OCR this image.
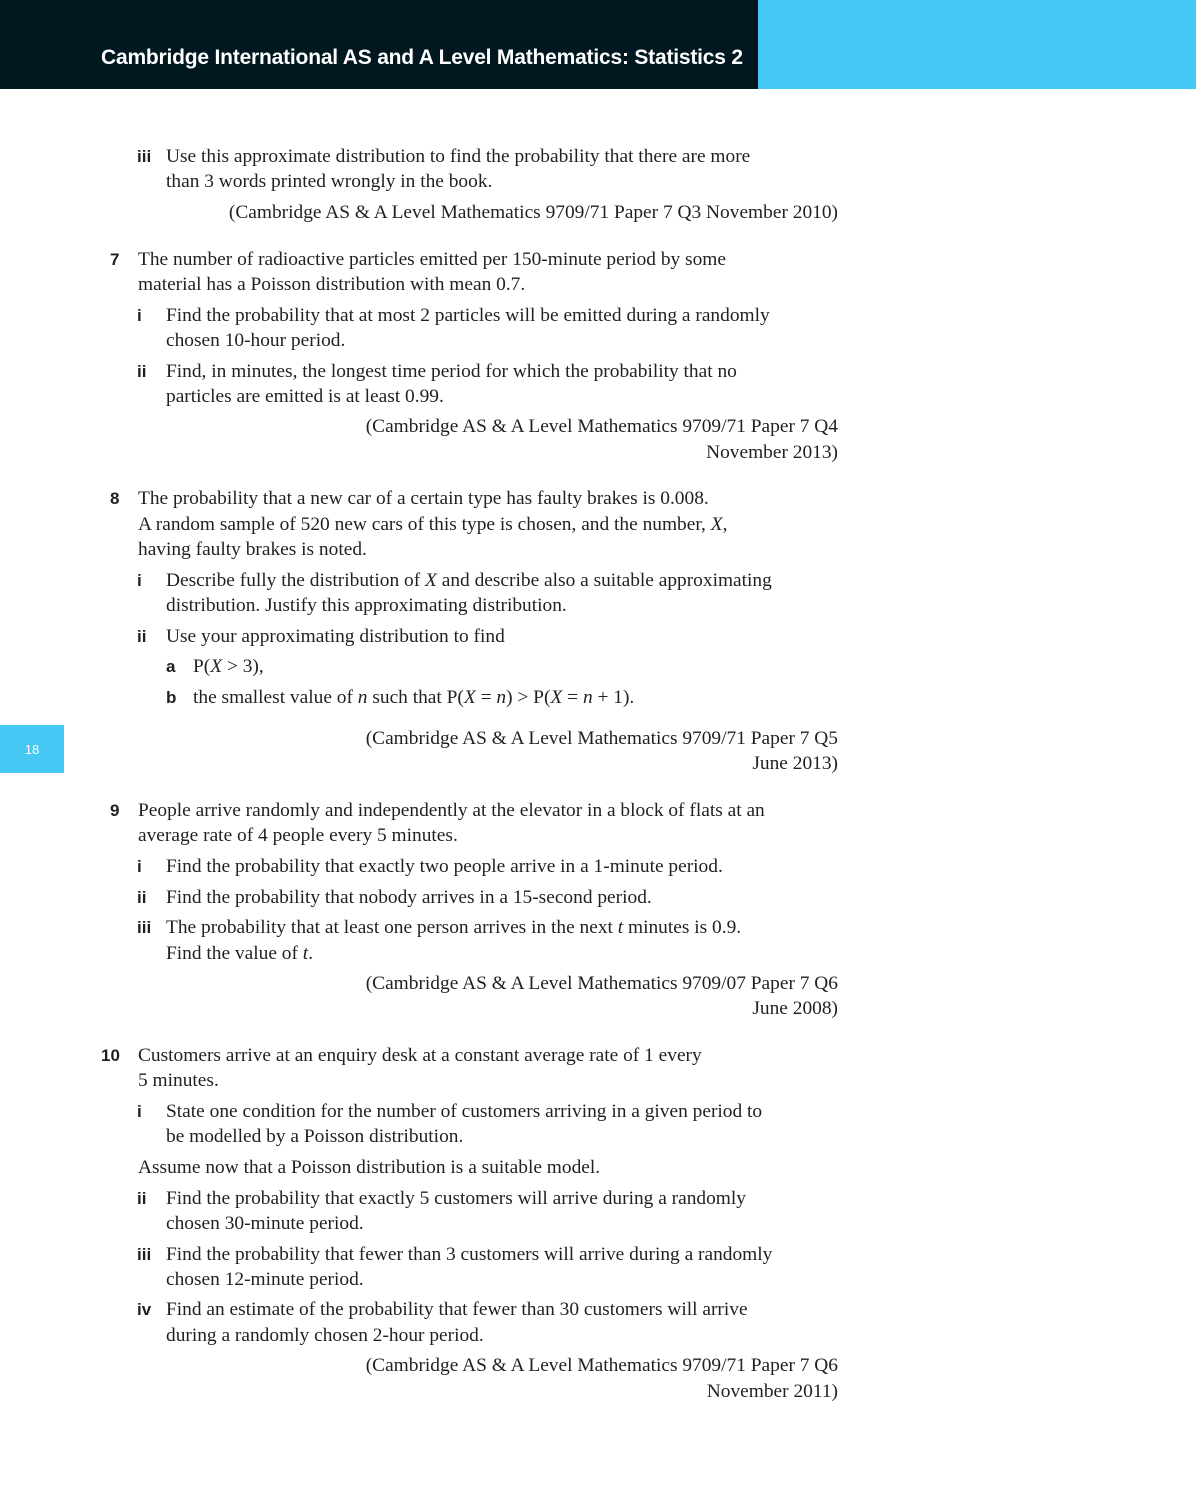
Cambridge International AS and A Level Mathematics: Statistics 2
18
iii Use this approximate distribution to find the probability that there are more
than 3 words printed wrongly in the book.
(Cambridge AS & A Level Mathematics 9709/71 Paper 7 Q3 November 2010)
7 The number of radioactive particles emitted per 150-minute period by some
material has a Poisson distribution with mean 0.7.
i Find the probability that at most 2 particles will be emitted during a randomly
chosen 10-hour period.
ii Find, in minutes, the longest time period for which the probability that no
particles are emitted is at least 0.99.
(Cambridge AS & A Level Mathematics 9709/71 Paper 7 Q4
November 2013)
8 The probability that a new car of a certain type has faulty brakes is 0.008.
A random sample of 520 new cars of this type is chosen, and the number, X,
having faulty brakes is noted.
i Describe fully the distribution of X and describe also a suitable approximating
distribution. Justify this approximating distribution.
ii Use your approximating distribution to find
a P(X > 3),
b the smallest value of n such that P(X = n) > P(X = n + 1).
(Cambridge AS & A Level Mathematics 9709/71 Paper 7 Q5
June 2013)
9 People arrive randomly and independently at the elevator in a block of flats at an
average rate of 4 people every 5 minutes.
i Find the probability that exactly two people arrive in a 1-minute period.
ii Find the probability that nobody arrives in a 15-second period.
iii The probability that at least one person arrives in the next t minutes is 0.9.
Find the value of t.
(Cambridge AS & A Level Mathematics 9709/07 Paper 7 Q6
June 2008)
10 Customers arrive at an enquiry desk at a constant average rate of 1 every
5 minutes.
i State one condition for the number of customers arriving in a given period to
be modelled by a Poisson distribution.
Assume now that a Poisson distribution is a suitable model.
ii Find the probability that exactly 5 customers will arrive during a randomly
chosen 30-minute period.
iii Find the probability that fewer than 3 customers will arrive during a randomly
chosen 12-minute period.
iv Find an estimate of the probability that fewer than 30 customers will arrive
during a randomly chosen 2-hour period.
(Cambridge AS & A Level Mathematics 9709/71 Paper 7 Q6
November 2011)
